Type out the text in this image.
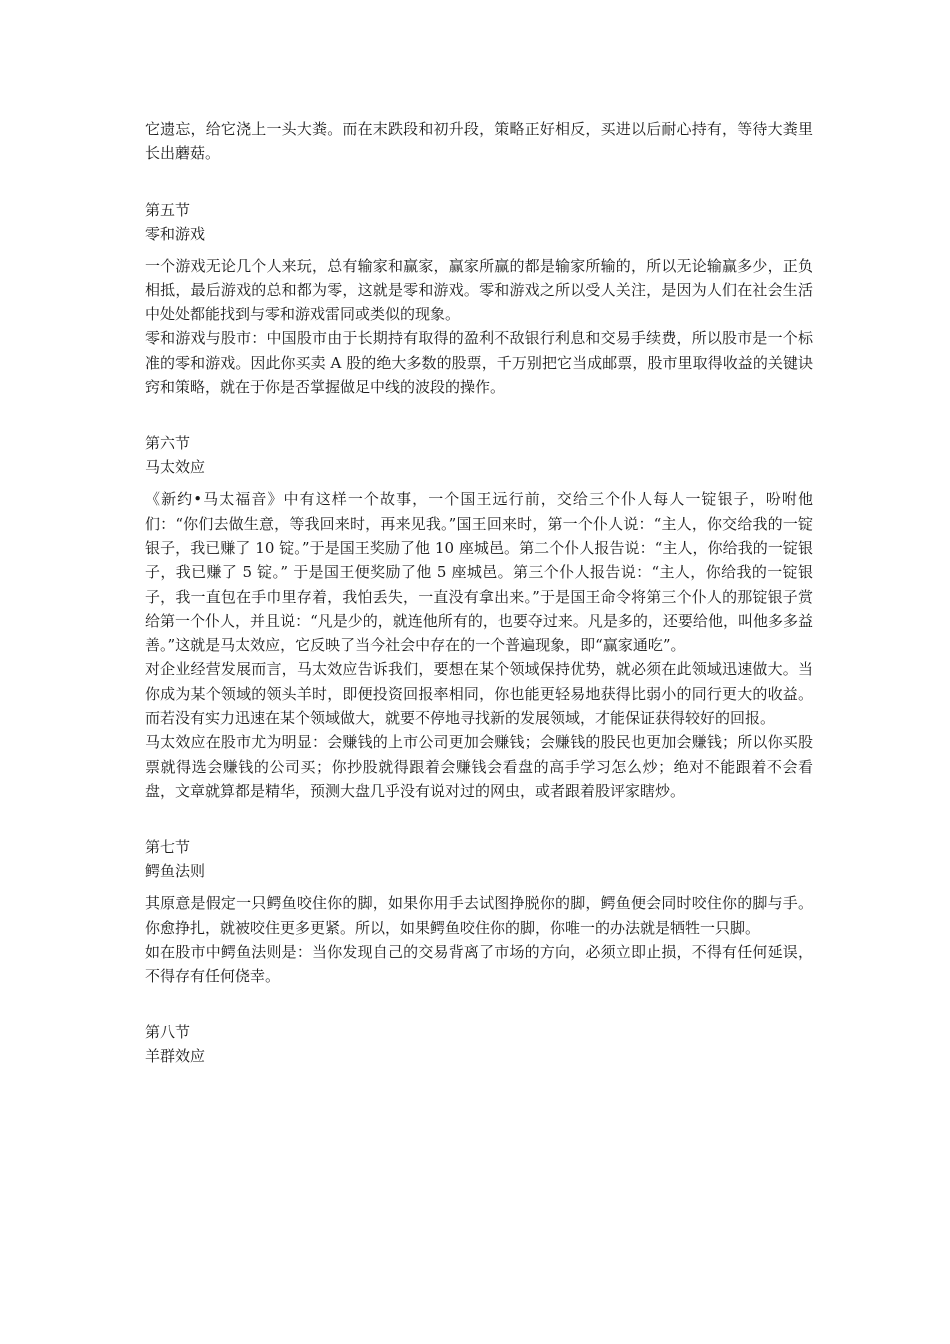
它遗忘，给它浇上一头大粪。而在末跌段和初升段，策略正好相反，买进以后耐心持有，等待大粪里长出蘑菇。

第五节
零和游戏

一个游戏无论几个人来玩，总有输家和赢家，赢家所赢的都是输家所输的，所以无论输赢多少，正负相抵，最后游戏的总和都为零，这就是零和游戏。零和游戏之所以受人关注，是因为人们在社会生活中处处都能找到与零和游戏雷同或类似的现象。

零和游戏与股市：中国股市由于长期持有取得的盈利不敌银行利息和交易手续费，所以股市是一个标准的零和游戏。因此你买卖 A 股的绝大多数的股票，千万别把它当成邮票，股市里取得收益的关键诀窍和策略，就在于你是否掌握做足中线的波段的操作。

第六节
马太效应

《新约•马太福音》中有这样一个故事，一个国王远行前，交给三个仆人每人一锭银子，吩咐他们：“你们去做生意，等我回来时，再来见我。”国王回来时，第一个仆人说：“主人，你交给我的一锭银子，我已赚了 10 锭。”于是国王奖励了他 10 座城邑。第二个仆人报告说：“主人，你给我的一锭银子，我已赚了 5 锭。” 于是国王便奖励了他 5 座城邑。第三个仆人报告说：“主人，你给我的一锭银子，我一直包在手巾里存着，我怕丢失，一直没有拿出来。”于是国王命令将第三个仆人的那锭银子赏给第一个仆人，并且说：“凡是少的，就连他所有的，也要夺过来。凡是多的，还要给他，叫他多多益善。”这就是马太效应，它反映了当今社会中存在的一个普遍现象，即“赢家通吃”。

对企业经营发展而言，马太效应告诉我们，要想在某个领域保持优势，就必须在此领域迅速做大。当你成为某个领域的领头羊时，即便投资回报率相同，你也能更轻易地获得比弱小的同行更大的收益。而若没有实力迅速在某个领域做大，就要不停地寻找新的发展领域，才能保证获得较好的回报。

马太效应在股市尤为明显：会赚钱的上市公司更加会赚钱；会赚钱的股民也更加会赚钱；所以你买股票就得选会赚钱的公司买；你抄股就得跟着会赚钱会看盘的高手学习怎么炒；绝对不能跟着不会看盘，文章就算都是精华，预测大盘几乎没有说对过的网虫，或者跟着股评家瞎炒。

第七节
鳄鱼法则

其原意是假定一只鳄鱼咬住你的脚，如果你用手去试图挣脱你的脚，鳄鱼便会同时咬住你的脚与手。你愈挣扎，就被咬住更多更紧。所以，如果鳄鱼咬住你的脚，你唯一的办法就是牺牲一只脚。

如在股市中鳄鱼法则是：当你发现自己的交易背离了市场的方向，必须立即止损，不得有任何延误，不得存有任何侥幸。

第八节
羊群效应
